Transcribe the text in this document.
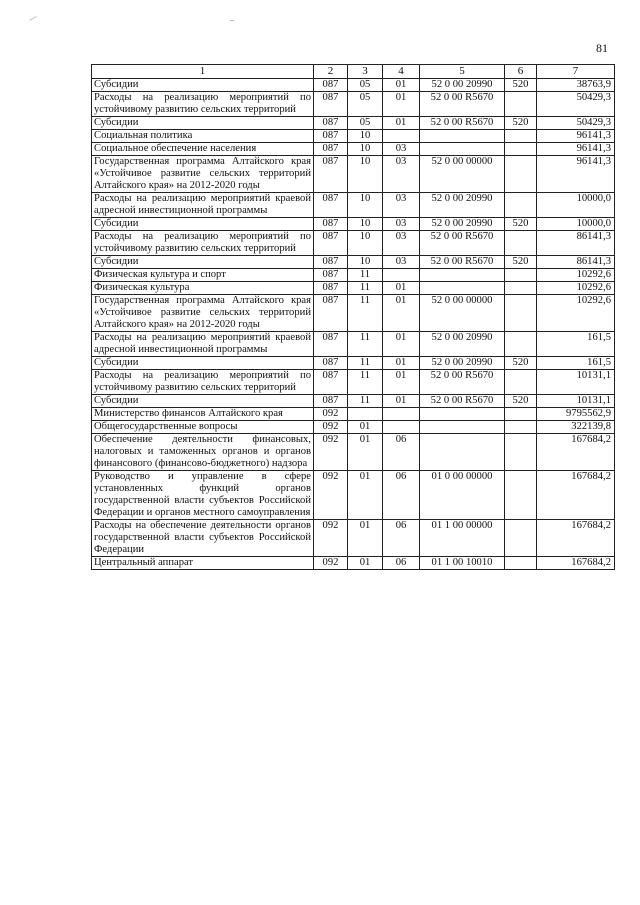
81
1	2	3	4	5	6	7
Субсидии	087	05	01	52 0 00 20990	520	38763,9
Расходы на реализацию мероприятий по устойчивому развитию сельских территорий	087	05	01	52 0 00 R5670		50429,3
Субсидии	087	05	01	52 0 00 R5670	520	50429,3
Социальная политика	087	10				96141,3
Социальное обеспечение населения	087	10	03			96141,3
Государственная программа Алтайского края «Устойчивое развитие сельских территорий Алтайского края» на 2012-2020 годы	087	10	03	52 0 00 00000		96141,3
Расходы на реализацию мероприятий краевой адресной инвестиционной программы	087	10	03	52 0 00 20990		10000,0
Субсидии	087	10	03	52 0 00 20990	520	10000,0
Расходы на реализацию мероприятий по устойчивому развитию сельских территорий	087	10	03	52 0 00 R5670		86141,3
Субсидии	087	10	03	52 0 00 R5670	520	86141,3
Физическая культура и спорт	087	11				10292,6
Физическая культура	087	11	01			10292,6
Государственная программа Алтайского края «Устойчивое развитие сельских территорий Алтайского края» на 2012-2020 годы	087	11	01	52 0 00 00000		10292,6
Расходы на реализацию мероприятий краевой адресной инвестиционной программы	087	11	01	52 0 00 20990		161,5
Субсидии	087	11	01	52 0 00 20990	520	161,5
Расходы на реализацию мероприятий по устойчивому развитию сельских территорий	087	11	01	52 0 00 R5670		10131,1
Субсидии	087	11	01	52 0 00 R5670	520	10131,1
Министерство финансов Алтайского края	092					9795562,9
Общегосударственные вопросы	092	01				322139,8
Обеспечение деятельности финансовых, налоговых и таможенных органов и органов финансового (финансово-бюджетного) надзора	092	01	06			167684,2
Руководство и управление в сфере установленных функций органов государственной власти субъектов Российской Федерации и органов местного самоуправления	092	01	06	01 0 00 00000		167684,2
Расходы на обеспечение деятельности органов государственной власти субъектов Российской Федерации	092	01	06	01 1 00 00000		167684,2
Центральный аппарат	092	01	06	01 1 00 10010		167684,2
